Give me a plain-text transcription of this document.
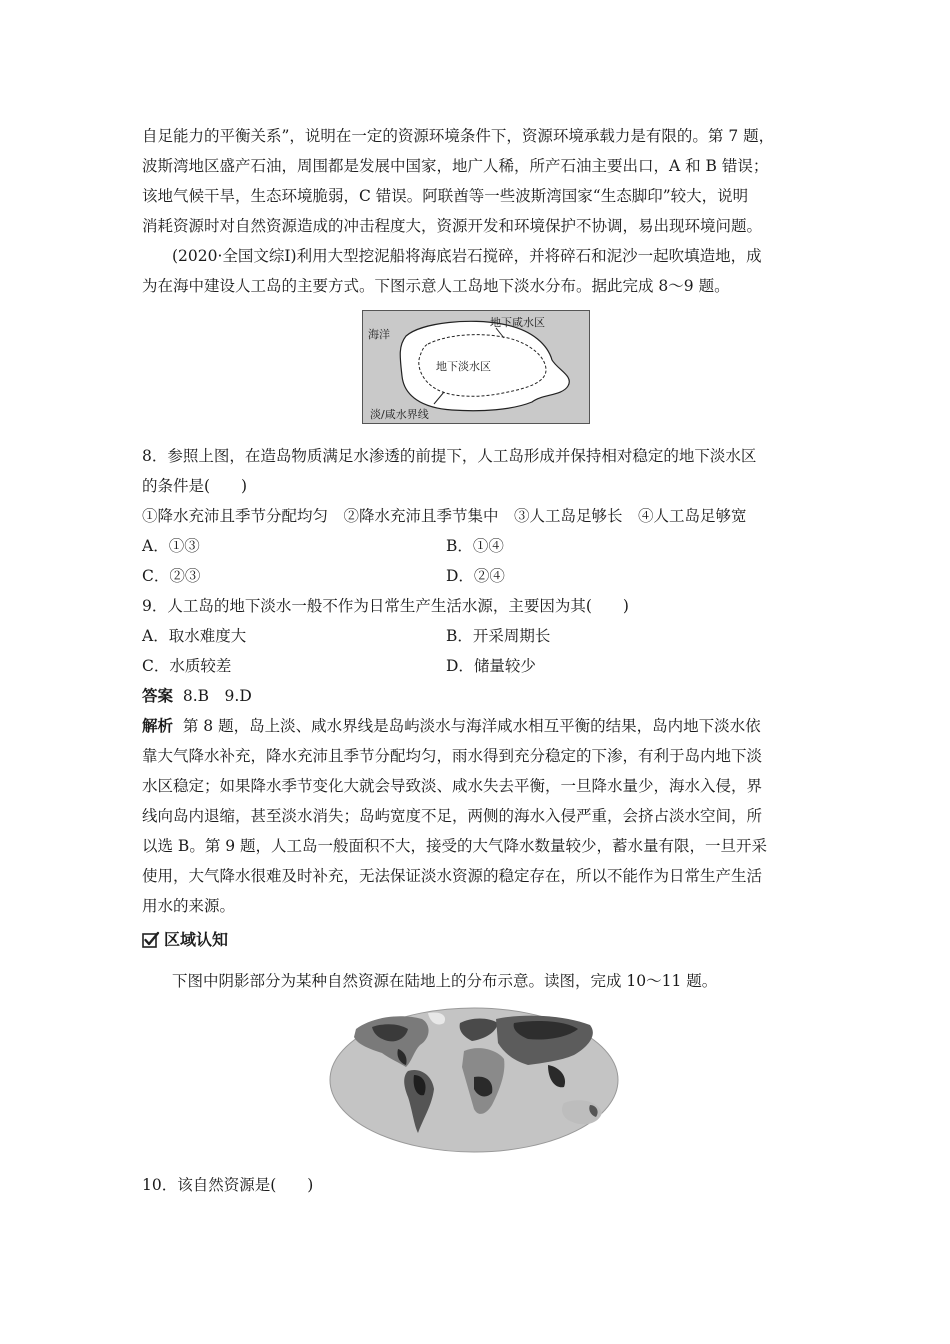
自足能力的平衡关系”，说明在一定的资源环境条件下，资源环境承载力是有限的。第 7 题，
波斯湾地区盛产石油，周围都是发展中国家，地广人稀，所产石油主要出口，A 和 B 错误；
该地气候干旱，生态环境脆弱，C 错误。阿联酋等一些波斯湾国家“生态脚印”较大，说明
消耗资源时对自然资源造成的冲击程度大，资源开发和环境保护不协调，易出现环境问题。
(2020·全国文综Ⅰ)利用大型挖泥船将海底岩石搅碎，并将碎石和泥沙一起吹填造地，成
为在海中建设人工岛的主要方式。下图示意人工岛地下淡水分布。据此完成 8～9 题。
海洋
地下咸水区
地下淡水区
淡/咸水界线
8．参照上图，在造岛物质满足水渗透的前提下，人工岛形成并保持相对稳定的地下淡水区
的条件是(　　)
①降水充沛且季节分配均匀　②降水充沛且季节集中　③人工岛足够长　④人工岛足够宽
A．①③	B．①④
C．②③	D．②④
9．人工岛的地下淡水一般不作为日常生产生活水源，主要因为其(　　)
A．取水难度大	B．开采周期长
C．水质较差	D．储量较少
答案 8.B　9.D
解析 第 8 题，岛上淡、咸水界线是岛屿淡水与海洋咸水相互平衡的结果，岛内地下淡水依
靠大气降水补充，降水充沛且季节分配均匀，雨水得到充分稳定的下渗，有利于岛内地下淡
水区稳定；如果降水季节变化大就会导致淡、咸水失去平衡，一旦降水量少，海水入侵，界
线向岛内退缩，甚至淡水消失；岛屿宽度不足，两侧的海水入侵严重，会挤占淡水空间，所
以选 B。第 9 题，人工岛一般面积不大，接受的大气降水数量较少，蓄水量有限，一旦开采
使用，大气降水很难及时补充，无法保证淡水资源的稳定存在，所以不能作为日常生产生活
用水的来源。
区域认知
下图中阴影部分为某种自然资源在陆地上的分布示意。读图，完成 10～11 题。
10．该自然资源是(　　)
